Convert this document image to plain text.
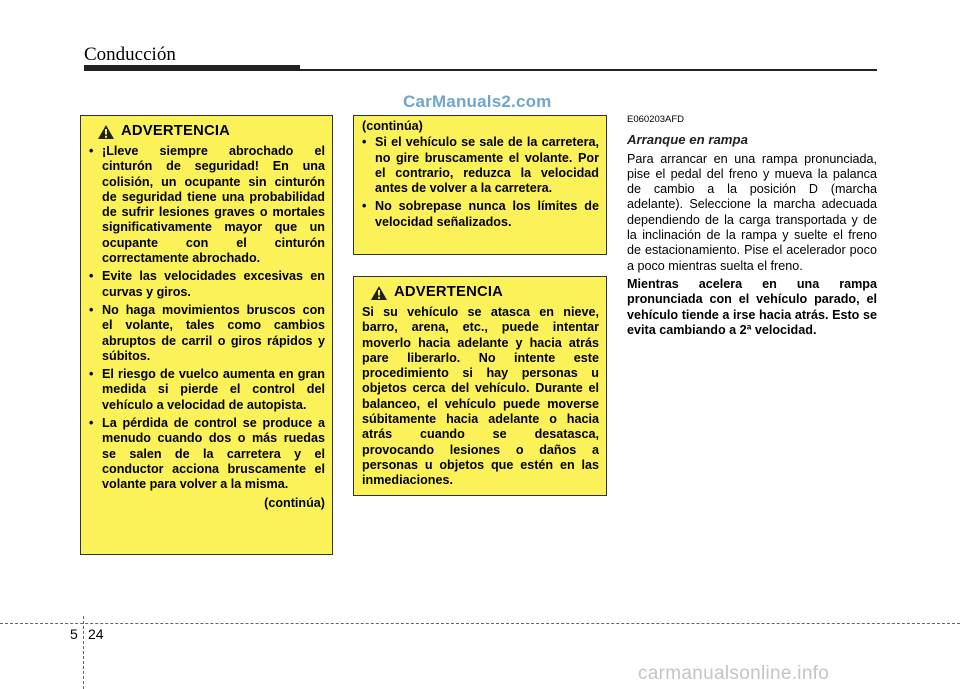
Conducción
CarManuals2.com
ADVERTENCIA
• ¡Lleve siempre abrochado el cinturón de seguridad! En una colisión, un ocupante sin cinturón de seguridad tiene una probabilidad de sufrir lesiones graves o mortales significativamente mayor que un ocupante con el cinturón correctamente abrochado.
• Evite las velocidades excesivas en curvas y giros.
• No haga movimientos bruscos con el volante, tales como cambios abruptos de carril o giros rápidos y súbitos.
• El riesgo de vuelco aumenta en gran medida si pierde el control del vehículo a velocidad de autopista.
• La pérdida de control se produce a menudo cuando dos o más ruedas se salen de la carretera y el conductor acciona bruscamente el volante para volver a la misma.
(continúa)
(continúa)
• Si el vehículo se sale de la carretera, no gire bruscamente el volante. Por el contrario, reduzca la velocidad antes de volver a la carretera.
• No sobrepase nunca los límites de velocidad señalizados.
ADVERTENCIA
Si su vehículo se atasca en nieve, barro, arena, etc., puede intentar moverlo hacia adelante y hacia atrás pare liberarlo. No intente este procedimiento si hay personas u objetos cerca del vehículo. Durante el balanceo, el vehículo puede moverse súbitamente hacia adelante o hacia atrás cuando se desatasca, provocando lesiones o daños a personas u objetos que estén en las inmediaciones.
E060203AFD
Arranque en rampa
Para arrancar en una rampa pronunciada, pise el pedal del freno y mueva la palanca de cambio a la posición D (marcha adelante). Seleccione la marcha adecuada dependiendo de la carga transportada y de la inclinación de la rampa y suelte el freno de estacionamiento. Pise el acelerador poco a poco mientras suelta el freno.
Mientras acelera en una rampa pronunciada con el vehículo parado, el vehículo tiende a irse hacia atrás. Esto se evita cambiando a 2ª velocidad.
5 24
carmanualsonline.info
